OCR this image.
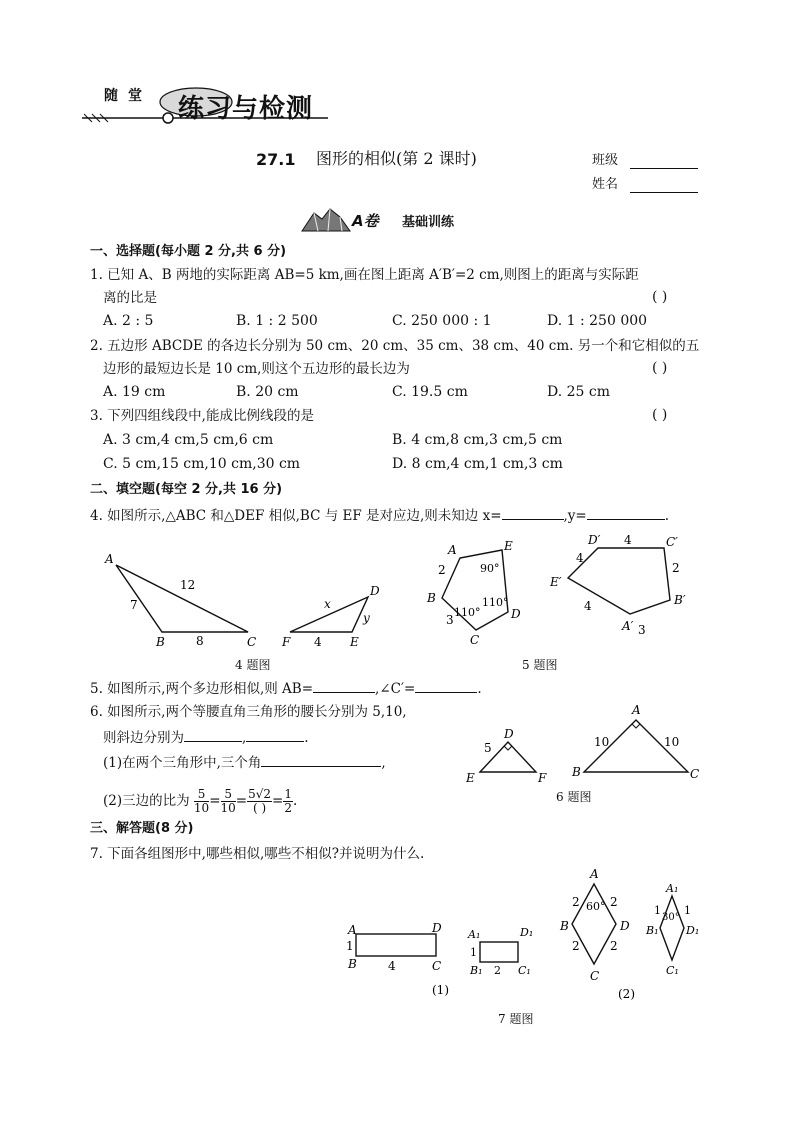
随 堂 练习与检测
27.1 图形的相似(第 2 课时)	班级
姓名
A卷 基础训练
一、选择题(每小题 2 分,共 6 分)
1. 已知 A、B 两地的实际距离 AB=5 km,画在图上距离 A′B′=2 cm,则图上的距离与实际距
离的比是	( )
A. 2 : 5	B. 1 : 2 500	C. 250 000 : 1	D. 1 : 250 000
2. 五边形 ABCDE 的各边长分别为 50 cm、20 cm、35 cm、38 cm、40 cm. 另一个和它相似的五
边形的最短边长是 10 cm,则这个五边形的最长边为	( )
A. 19 cm	B. 20 cm	C. 19.5 cm	D. 25 cm
3. 下列四组线段中,能成比例线段的是	( )
A. 3 cm,4 cm,5 cm,6 cm	B. 4 cm,8 cm,3 cm,5 cm
C. 5 cm,15 cm,10 cm,30 cm	D. 8 cm,4 cm,1 cm,3 cm
二、填空题(每空 2 分,共 16 分)
4. 如图所示,△ABC 和△DEF 相似,BC 与 EF 是对应边,则未知边 x=	,y=	.
A
B	C
7
12
8
D
E
F
x
y
4
4 题图
A
B
C
D
E
90°
110°
110°
2
3	A′
B′
C′
D′
E′
4
4
4
3
2
5 题图
5. 如图所示,两个多边形相似,则 AB=	,∠C′=	.
6. 如图所示,两个等腰直角三角形的腰长分别为 5,10,
则斜边分别为	,	.
(1)在两个三角形中,三个角	,
(2)三边的比为 $\frac{5}{10} = \frac{5}{10} = \frac{5√2}{( )} = \frac{1}{2}$ .
D
E	F
5
A
B	C
10	10
6 题图
三、解答题(8 分)
7. 下面各组图形中,哪些相似,哪些不相似?并说明为什么.
A
B	C
D
1
4
A₁
B₁	C₁
D₁
1
2
(1)
A
B
C
D
60°
2	2
2	2
A₁
B₁
C₁
D₁
30°
1 1
(2)
7 题图
